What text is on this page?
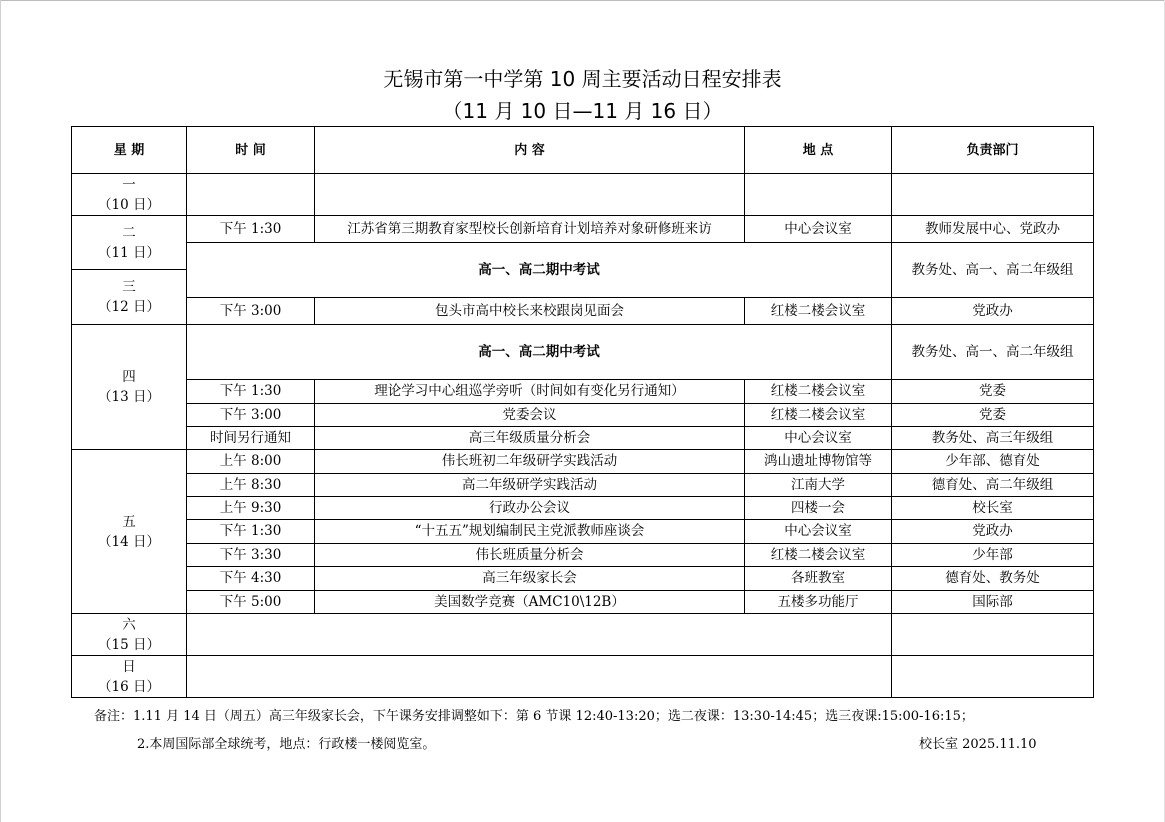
无锡市第一中学第 10 周主要活动日程安排表
（11 月 10 日—11 月 16 日）
星 期	时 间	内 容	地 点	负责部门

一
（10 日）				

二
（11 日）	下午 1:30	江苏省第三期教育家型校长创新培育计划培养对象研修班来访	中心会议室	教师发展中心、党政办
	高一、高二期中考试			教务处、高一、高二年级组

三
（12 日）				

	下午 3:00	包头市高中校长来校跟岗见面会	红楼二楼会议室	党政办

四
（13 日）	高一、高二期中考试			教务处、高一、高二年级组
	下午 1:30	理论学习中心组巡学旁听（时间如有变化另行通知）	红楼二楼会议室	党委
	下午 3:00	党委会议	红楼二楼会议室	党委
	时间另行通知	高三年级质量分析会	中心会议室	教务处、高三年级组

五
（14 日）	上午 8:00	伟长班初二年级研学实践活动	鸿山遗址博物馆等	少年部、德育处
	上午 8:30	高二年级研学实践活动	江南大学	德育处、高二年级组
	上午 9:30	行政办公会议	四楼一会	校长室
	下午 1:30	“十五五”规划编制民主党派教师座谈会	中心会议室	党政办
	下午 3:30	伟长班质量分析会	红楼二楼会议室	少年部
	下午 4:30	高三年级家长会	各班教室	德育处、教务处
	下午 5:00	美国数学竞赛（AMC10\12B）	五楼多功能厅	国际部

六
（15 日）				

日
（16 日）				

备注：1.11 月 14 日（周五）高三年级家长会，下午课务安排调整如下：第 6 节课 12:40-13:20；选二夜课：13:30-14:45；选三夜课:15:00-16:15；
2.本周国际部全球统考，地点：行政楼一楼阅览室。	校长室 2025.11.10
